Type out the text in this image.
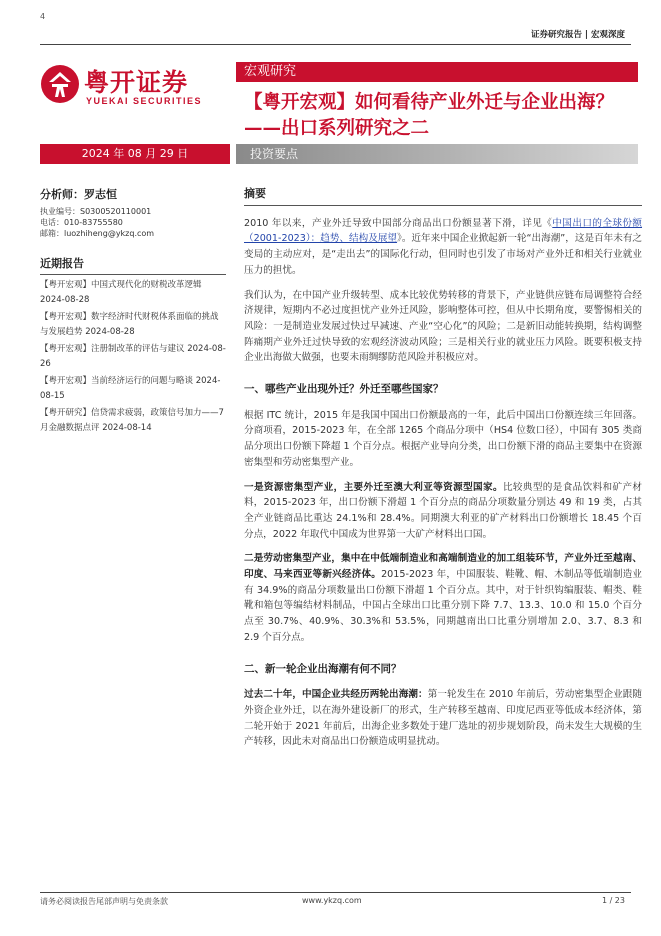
4
证券研究报告 | 宏观深度
粤开证券
YUEKAI SECURITIES
宏观研究
【粤开宏观】如何看待产业外迁与企业出海？——出口系列研究之二
2024 年 08 月 29 日	投资要点
分析师：罗志恒
执业编号：S0300520110001
电话：010-83755580
邮箱：luozhiheng@ykzq.com
近期报告
【粤开宏观】中国式现代化的财税改革逻辑 2024-08-28
【粤开宏观】数字经济时代财税体系面临的挑战与发展趋势 2024-08-28
【粤开宏观】注册制改革的评估与建议 2024-08-26
【粤开宏观】当前经济运行的问题与略谈 2024-08-15
【粤开研究】信贷需求疲弱，政策信号加力——7 月金融数据点评 2024-08-14
摘要

2010 年以来，产业外迁导致中国部分商品出口份额显著下滑，详见《中国出口的全球份额（2001-2023）：趋势、结构及展望》。近年来中国企业掀起新一轮“出海潮”，这是百年未有之变局的主动应对，是“走出去”的国际化行动，但同时也引发了市场对产业外迁和相关行业就业压力的担忧。

我们认为，在中国产业升级转型、成本比较优势转移的背景下，产业链供应链布局调整符合经济规律，短期内不必过度担忧产业外迁风险，影响整体可控，但从中长期角度，要警惕相关的风险：一是制造业发展过快过早减速、产业“空心化”的风险；二是新旧动能转换期，结构调整阵痛期产业外迁过快导致的宏观经济波动风险；三是相关行业的就业压力风险。既要积极支持企业出海做大做强，也要未雨绸缪防范风险并积极应对。

一、哪些产业出现外迁？外迁至哪些国家？

根据 ITC 统计，2015 年是我国中国出口份额最高的一年，此后中国出口份额连续三年回落。分商项看，2015-2023 年，在全部 1265 个商品分项中（HS4 位数口径），中国有 305 类商品分项出口份额下降超 1 个百分点。根据产业导向分类，出口份额下滑的商品主要集中在资源密集型和劳动密集型产业。

一是资源密集型产业，主要外迁至澳大利亚等资源型国家。比较典型的是食品饮料和矿产材料，2015-2023 年，出口份额下滑超 1 个百分点的商品分项数量分别达 49 和 19 类，占其全产业链商品比重达 24.1%和 28.4%。同期澳大利亚的矿产材料出口份额增长 18.45 个百分点，2022 年取代中国成为世界第一大矿产材料出口国。

二是劳动密集型产业，集中在中低端制造业和高端制造业的加工组装环节，产业外迁至越南、印度、马来西亚等新兴经济体。2015-2023 年，中国服装、鞋靴、帽、木制品等低端制造业有 34.9%的商品分项数量出口份额下滑超 1 个百分点。其中，对于针织钩编服装、帽类、鞋靴和箱包等编结材料制品，中国占全球出口比重分别下降 7.7、13.3、10.0 和 15.0 个百分点至 30.7%、40.9%、30.3%和 53.5%，同期越南出口比重分别增加 2.0、3.7、8.3 和 2.9 个百分点。

二、新一轮企业出海潮有何不同？

过去二十年，中国企业共经历两轮出海潮：第一轮发生在 2010 年前后，劳动密集型企业跟随外资企业外迁，以在海外建设新厂的形式，生产转移至越南、印度尼西亚等低成本经济体，第二轮开始于 2021 年前后，出海企业多数处于建厂选址的初步规划阶段，尚未发生大规模的生产转移，因此未对商品出口份额造成明显扰动。

请务必阅读报告尾部声明与免责条款	www.ykzq.com	1 / 23
